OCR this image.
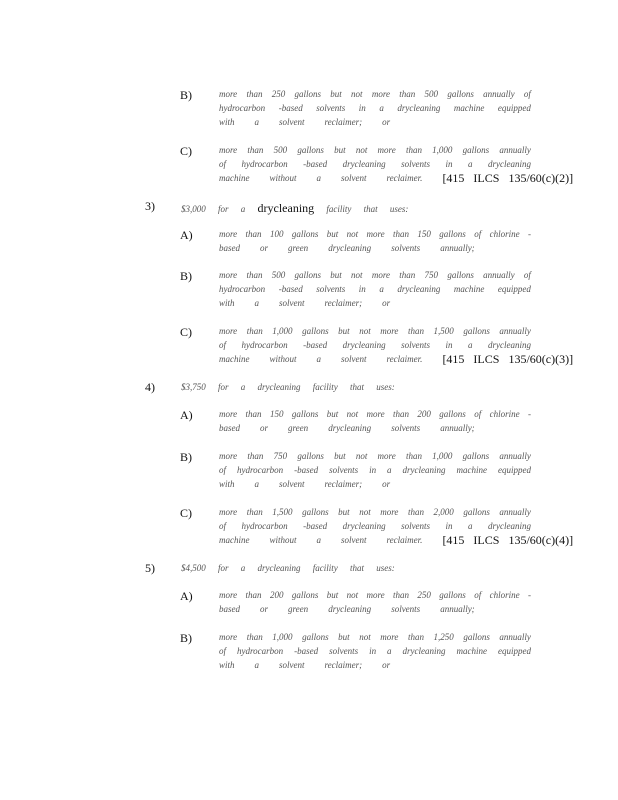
B)	more than 250 gallons but not more than 500 gallons annually of
hydrocarbon -based solvents in a drycleaning machine equipped
with a solvent reclaimer; or
C)	more than 500 gallons but not more than 1,000 gallons annually
of hydrocarbon -based drycleaning solvents in a drycleaning
machine without a solvent reclaimer. [415 ILCS 135/60(c)(2)]
3)	$3,000 for a drycleaning facility that uses:
A)	more than 100 gallons but not more than 150 gallons of chlorine -
based or green drycleaning solvents annually;
B)	more than 500 gallons but not more than 750 gallons annually of
hydrocarbon -based solvents in a drycleaning machine equipped
with a solvent reclaimer; or
C)	more than 1,000 gallons but not more than 1,500 gallons annually
of hydrocarbon -based drycleaning solvents in a drycleaning
machine without a solvent reclaimer. [415 ILCS 135/60(c)(3)]
4)	$3,750 for a drycleaning facility that uses:
A)	more than 150 gallons but not more than 200 gallons of chlorine -
based or green drycleaning solvents annually;
B)	more than 750 gallons but not more than 1,000 gallons annually
of hydrocarbon -based solvents in a drycleaning machine equipped
with a solvent reclaimer; or
C)	more than 1,500 gallons but not more than 2,000 gallons annually
of hydrocarbon -based drycleaning solvents in a drycleaning
machine without a solvent reclaimer. [415 ILCS 135/60(c)(4)]
5)	$4,500 for a drycleaning facility that uses:
A)	more than 200 gallons but not more than 250 gallons of chlorine -
based or green drycleaning solvents annually;
B)	more than 1,000 gallons but not more than 1,250 gallons annually
of hydrocarbon -based solvents in a drycleaning machine equipped
with a solvent reclaimer; or
